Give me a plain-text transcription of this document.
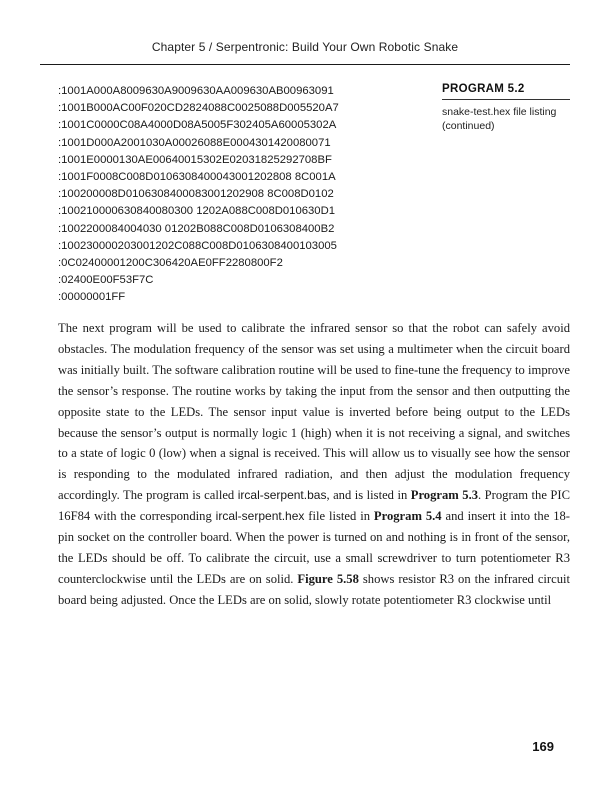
Chapter 5 / Serpentronic: Build Your Own Robotic Snake
:1001A000A8009630A9009630AA009630AB00963091
:1001B000AC00F020CD2824088C0025088D005520A7
:1001C0000C08A4000D08A5005F302405A60005302A
:1001D000A2001030A00026088E0004301420080071
:1001E0000130AE00640015302E02031825292708BF
:1001F0008C008D0106308400043001202808 8C001A
:100200008D0106308400083001202908 8C008D0102
:100210000630840080300 1202A088C008D010630D1
:1002200084004030 01202B088C008D0106308400B2
:100230000203001202C088C008D0106308400103005
:0C02400001200C306420AE0FF2280800F2
:02400E00F53F7C
:00000001FF
PROGRAM 5.2
snake-test.hex file listing (continued)

The next program will be used to calibrate the infrared sensor so that the robot can safely avoid obstacles. The modulation frequency of the sensor was set using a multimeter when the circuit board was initially built. The software calibration routine will be used to fine-tune the frequency to improve the sensor’s response. The routine works by taking the input from the sensor and then outputting the opposite state to the LEDs. The sensor input value is inverted before being output to the LEDs because the sensor’s output is normally logic 1 (high) when it is not receiving a signal, and switches to a state of logic 0 (low) when a signal is received. This will allow us to visually see how the sensor is responding to the modulated infrared radiation, and then adjust the modulation frequency accordingly. The program is called ircal-serpent.bas, and is listed in Program 5.3. Program the PIC 16F84 with the corresponding ircal-serpent.hex file listed in Program 5.4 and insert it into the 18-pin socket on the controller board. When the power is turned on and nothing is in front of the sensor, the LEDs should be off. To calibrate the circuit, use a small screwdriver to turn potentiometer R3 counterclockwise until the LEDs are on solid. Figure 5.58 shows resistor R3 on the infrared circuit board being adjusted. Once the LEDs are on solid, slowly rotate potentiometer R3 clockwise until

169
